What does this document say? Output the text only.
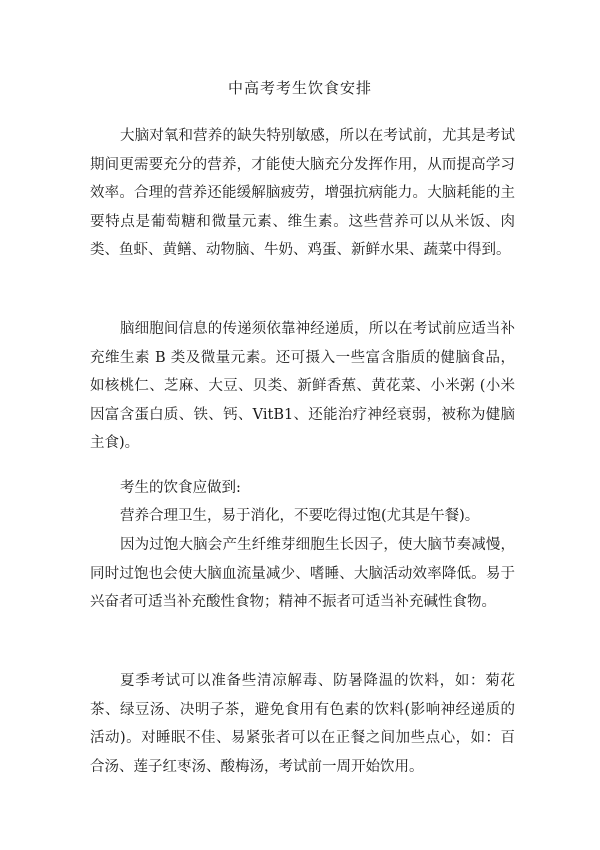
中高考考生饮食安排

大脑对氧和营养的缺失特别敏感，所以在考试前，尤其是考试期间更需要充分的营养，才能使大脑充分发挥作用，从而提高学习效率。合理的营养还能缓解脑疲劳，增强抗病能力。大脑耗能的主要特点是葡萄糖和微量元素、维生素。这些营养可以从米饭、肉类、鱼虾、黄鳝、动物脑、牛奶、鸡蛋、新鲜水果、蔬菜中得到。

脑细胞间信息的传递须依靠神经递质，所以在考试前应适当补充维生素 B 类及微量元素。还可摄入一些富含脂质的健脑食品，如核桃仁、芝麻、大豆、贝类、新鲜香蕉、黄花菜、小米粥 (小米因富含蛋白质、铁、钙、VitB1、还能治疗神经衰弱，被称为健脑主食)。

考生的饮食应做到:

营养合理卫生，易于消化，不要吃得过饱(尤其是午餐)。

因为过饱大脑会产生纤维芽细胞生长因子，使大脑节奏减慢，同时过饱也会使大脑血流量减少、嗜睡、大脑活动效率降低。易于兴奋者可适当补充酸性食物；精神不振者可适当补充碱性食物。

夏季考试可以准备些清凉解毒、防暑降温的饮料，如：菊花茶、绿豆汤、决明子茶，避免食用有色素的饮料(影响神经递质的活动)。对睡眠不佳、易紧张者可以在正餐之间加些点心，如：百合汤、莲子红枣汤、酸梅汤，考试前一周开始饮用。
